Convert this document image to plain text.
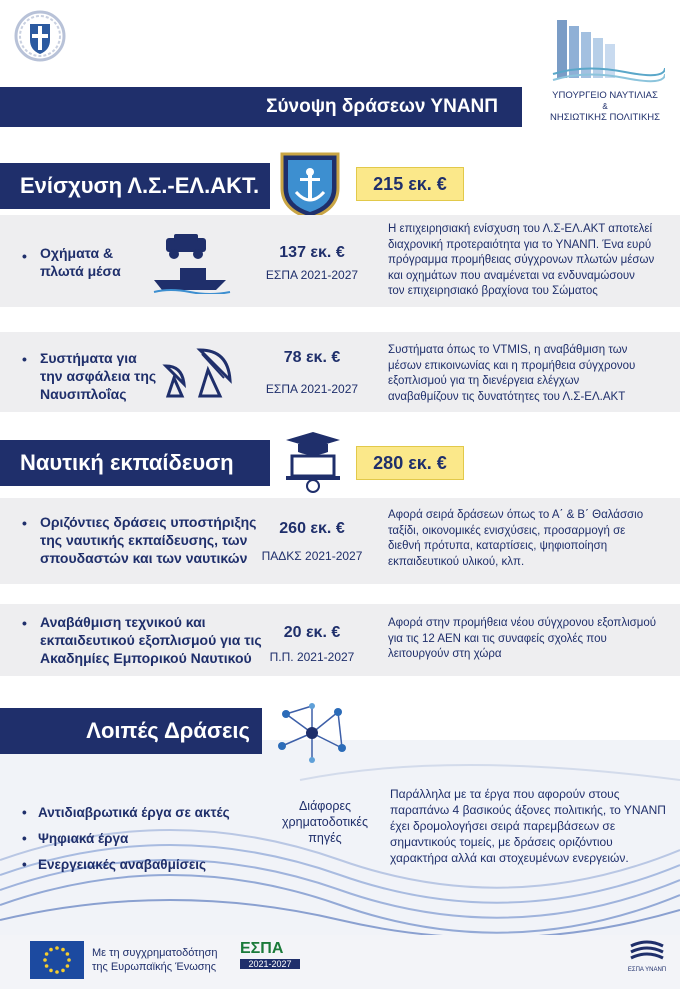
ΥΠΟΥΡΓΕΙΟ ΝΑΥΤΙΛΙΑΣ
&
ΝΗΣΙΩΤΙΚΗΣ ΠΟΛΙΤΙΚΗΣ
Σύνοψη δράσεων ΥΝΑΝΠ
Ενίσχυση Λ.Σ.-ΕΛ.ΑΚΤ.	215 εκ. €
• Οχήματα &
πλωτά μέσα
137 εκ. €
ΕΣΠΑ 2021-2027
Η επιχειρησιακή ενίσχυση του Λ.Σ-ΕΛ.ΑΚΤ αποτελεί
διαχρονική προτεραιότητα για το ΥΝΑΝΠ. Ένα ευρύ
πρόγραμμα προμήθειας σύγχρονων πλωτών μέσων
και οχημάτων που αναμένεται να ενδυναμώσουν
τον επιχειρησιακό βραχίονα του Σώματος
• Συστήματα για
την ασφάλεια της
Ναυσιπλοΐας
78 εκ. €
ΕΣΠΑ 2021-2027
Συστήματα όπως το VTMIS, η αναβάθμιση των
μέσων επικοινωνίας και η προμήθεια σύγχρονου
εξοπλισμού για τη διενέργεια ελέγχων
αναβαθμίζουν τις δυνατότητες του Λ.Σ-ΕΛ.ΑΚΤ
Ναυτική εκπαίδευση	280 εκ. €
• Οριζόντιες δράσεις υποστήριξης
της ναυτικής εκπαίδευσης, των
σπουδαστών και των ναυτικών
260 εκ. €
ΠΑΔΚΣ 2021-2027
Αφορά σειρά δράσεων όπως το Α΄ & Β΄ Θαλάσσιο
ταξίδι, οικονομικές ενισχύσεις, προσαρμογή σε
διεθνή πρότυπα, καταρτίσεις, ψηφιοποίηση
εκπαιδευτικού υλικού, κλπ.
• Αναβάθμιση τεχνικού και
εκπαιδευτικού εξοπλισμού για τις
Ακαδημίες Εμπορικού Ναυτικού
20 εκ. €
Π.Π. 2021-2027
Αφορά στην προμήθεια νέου σύγχρονου εξοπλισμού
για τις 12 ΑΕΝ και τις συναφείς σχολές που
λειτουργούν στη χώρα
Λοιπές Δράσεις
• Αντιδιαβρωτικά έργα σε ακτές
• Ψηφιακά έργα
• Ενεργειακές αναβαθμίσεις
Διάφορες
χρηματοδοτικές
πηγές
Παράλληλα με τα έργα που αφορούν στους
παραπάνω 4 βασικούς άξονες πολιτικής, το ΥΝΑΝΠ
έχει δρομολογήσει σειρά παρεμβάσεων σε
σημαντικούς τομείς, με δράσεις οριζόντιου
χαρακτήρα αλλά και στοχευμένων ενεργειών.
Με τη συγχρηματοδότηση
της Ευρωπαϊκής Ένωσης
ΕΣΠΑ
2021-2027
ΕΣΠΑ ΥΝΑΝΠ
